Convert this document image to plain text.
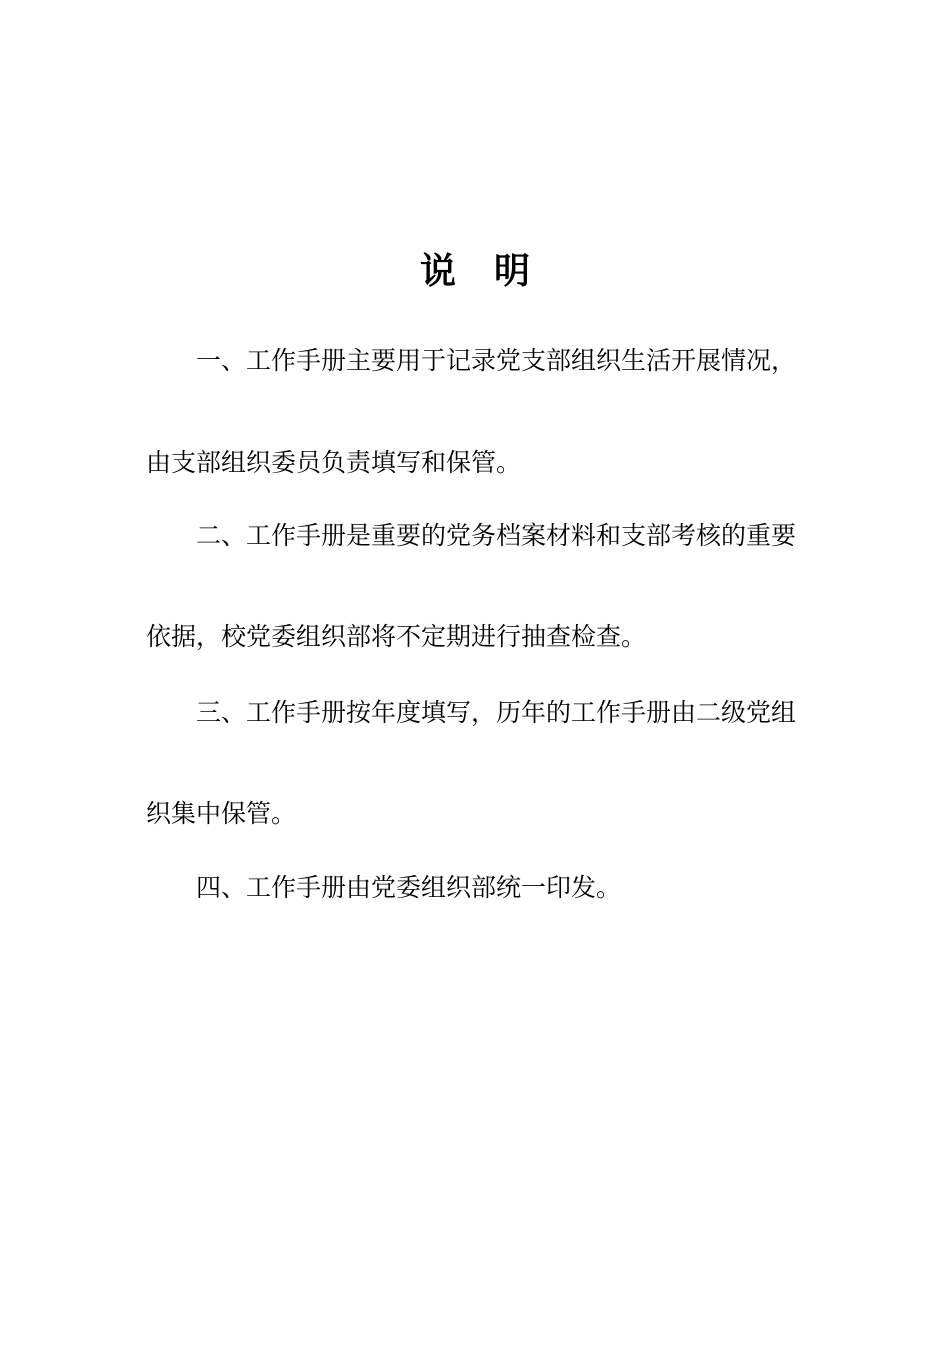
说明
一、工作手册主要用于记录党支部组织生活开展情况，
由支部组织委员负责填写和保管。
二、工作手册是重要的党务档案材料和支部考核的重要
依据，校党委组织部将不定期进行抽查检查。
三、工作手册按年度填写，历年的工作手册由二级党组
织集中保管。
四、工作手册由党委组织部统一印发。
